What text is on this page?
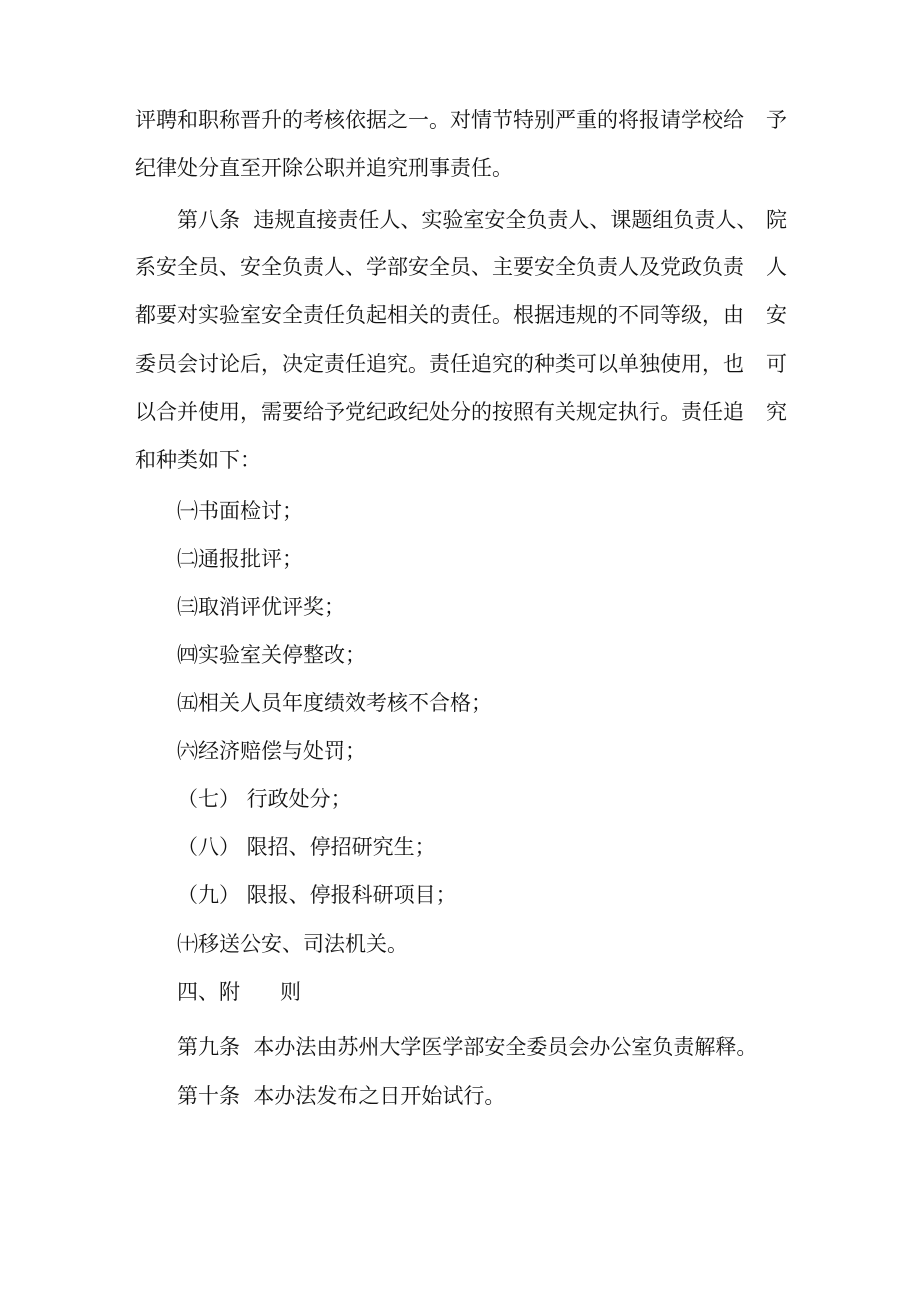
评聘和职称晋升的考核依据之一。对情节特别严重的将报请学校给

予

纪律处分直至开除公职并追究刑事责任。

第八条  违规直接责任人、实验室安全负责人、课题组负责人、

院

系安全员、安全负责人、学部安全员、主要安全负责人及党政负责

人

都要对实验室安全责任负起相关的责任。根据违规的不同等级，由

安

委员会讨论后，决定责任追究。责任追究的种类可以单独使用，也

可

以合并使用，需要给予党纪政纪处分的按照有关规定执行。责任追

究

和种类如下：

㈠书面检讨；

㈡通报批评；

㈢取消评优评奖；

㈣实验室关停整改；

㈤相关人员年度绩效考核不合格；

㈥经济赔偿与处罚；

（七） 行政处分；

（八） 限招、停招研究生；

（九） 限报、停报科研项目；

㈩移送公安、司法机关。

四、附      则

第九条  本办法由苏州大学医学部安全委员会办公室负责解释。

第十条  本办法发布之日开始试行。
